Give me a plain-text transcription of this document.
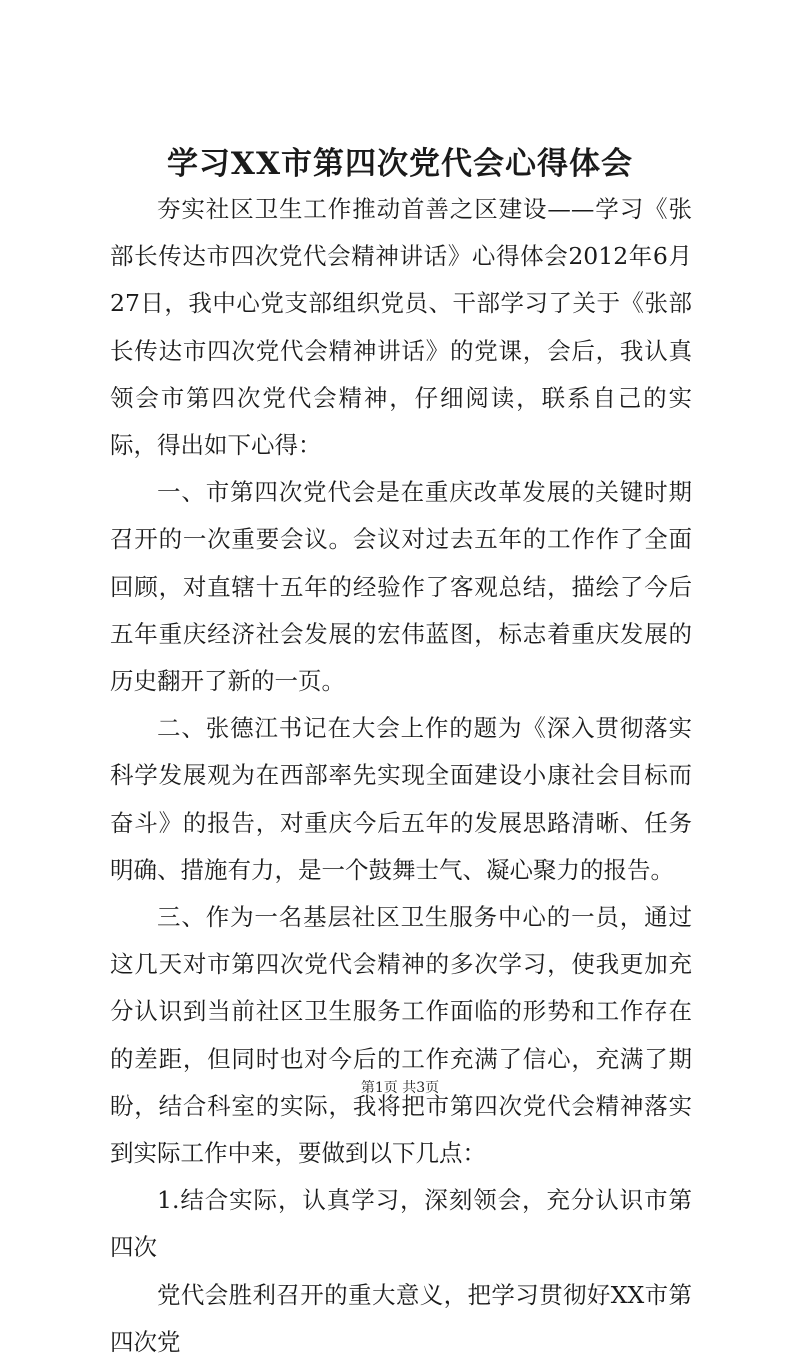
学习XX市第四次党代会心得体会

夯实社区卫生工作推动首善之区建设——学习《张部长传达市四次党代会精神讲话》心得体会2012年6月27日，我中心党支部组织党员、干部学习了关于《张部长传达市四次党代会精神讲话》的党课，会后，我认真领会市第四次党代会精神，仔细阅读，联系自己的实际，得出如下心得：

一、市第四次党代会是在重庆改革发展的关键时期召开的一次重要会议。会议对过去五年的工作作了全面回顾，对直辖十五年的经验作了客观总结，描绘了今后五年重庆经济社会发展的宏伟蓝图，标志着重庆发展的历史翻开了新的一页。

二、张德江书记在大会上作的题为《深入贯彻落实科学发展观为在西部率先实现全面建设小康社会目标而奋斗》的报告，对重庆今后五年的发展思路清晰、任务明确、措施有力，是一个鼓舞士气、凝心聚力的报告。

三、作为一名基层社区卫生服务中心的一员，通过这几天对市第四次党代会精神的多次学习，使我更加充分认识到当前社区卫生服务工作面临的形势和工作存在的差距，但同时也对今后的工作充满了信心，充满了期盼，结合科室的实际，我将把市第四次党代会精神落实到实际工作中来，要做到以下几点：

1.结合实际，认真学习，深刻领会，充分认识市第四次

党代会胜利召开的重大意义，把学习贯彻好XX市第四次党

第1页 共3页
